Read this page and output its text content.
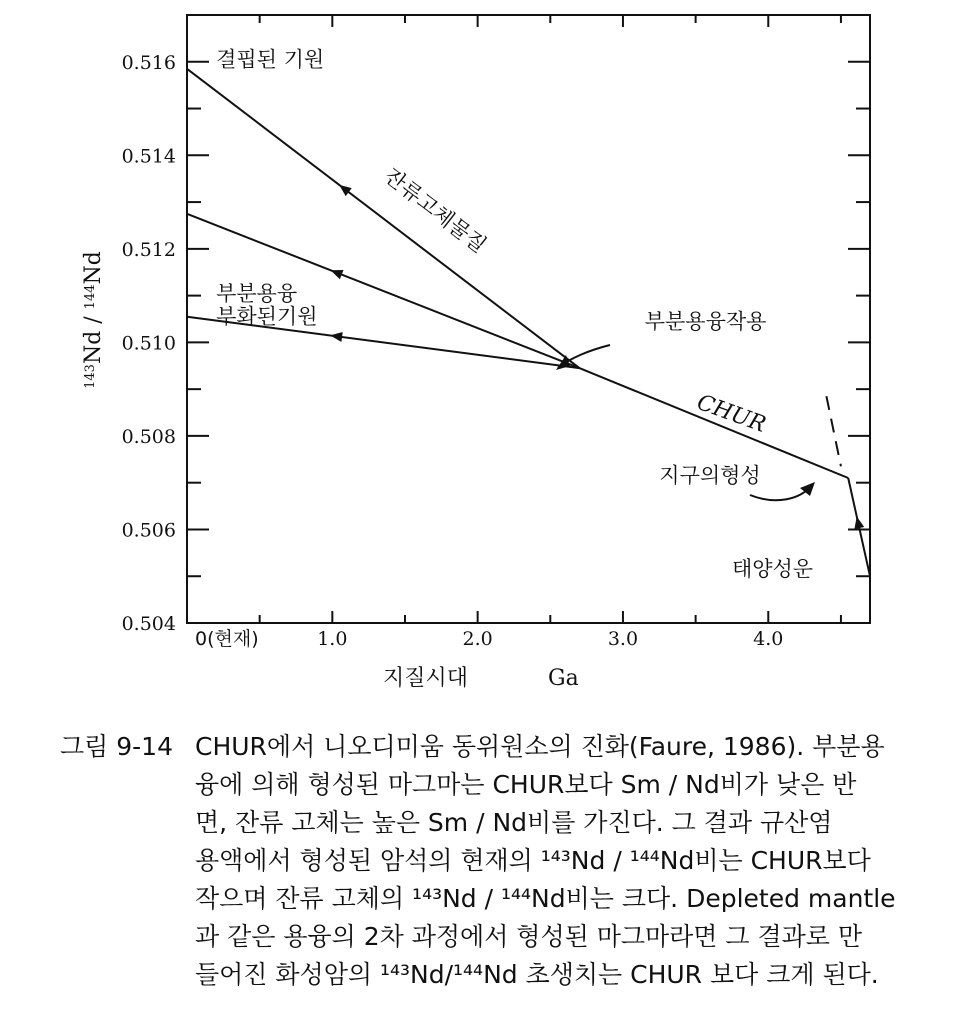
0(현재)	1.0	2.0	3.0	4.0
0.504
0.506
0.508
0.510
0.512
0.514
0.516 결핍된 기원
잔류고체물질
부분용융
부화된기원	부분용융작용
CHUR
지구의형성
태양성운
$^{143}$Nd / $^{144}$Nd
지질시대	Ga
그림 9-14 CHUR에서 니오디미움 동위원소의 진화(Faure, 1986). 부분용
융에 의해 형성된 마그마는 CHUR보다 Sm / Nd비가 낮은 반
면, 잔류 고체는 높은 Sm / Nd비를 가진다. 그 결과 규산염
용액에서 형성된 암석의 현재의 ¹⁴³Nd / ¹⁴⁴Nd비는 CHUR보다
작으며 잔류 고체의 ¹⁴³Nd / ¹⁴⁴Nd비는 크다. Depleted mantle
과 같은 용융의 2차 과정에서 형성된 마그마라면 그 결과로 만
들어진 화성암의 ¹⁴³Nd/¹⁴⁴Nd 초생치는 CHUR 보다 크게 된다.
